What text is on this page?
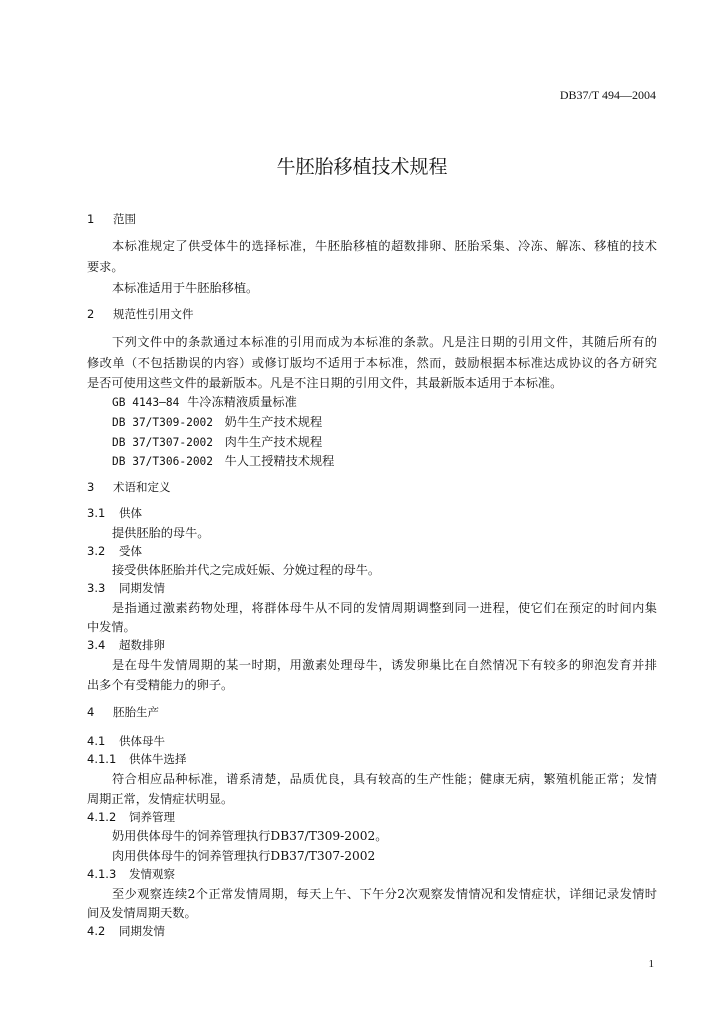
DB37/T 494—2004
牛胚胎移植技术规程
1 范围
本标准规定了供受体牛的选择标准，牛胚胎移植的超数排卵、胚胎采集、冷冻、解冻、移植的技术
要求。
本标准适用于牛胚胎移植。
2 规范性引用文件
下列文件中的条款通过本标准的引用而成为本标准的条款。凡是注日期的引用文件，其随后所有的
修改单（不包括勘误的内容）或修订版均不适用于本标准，然而，鼓励根据本标准达成协议的各方研究
是否可使用这些文件的最新版本。凡是不注日期的引用文件，其最新版本适用于本标准。
GB 4143—84 牛冷冻精液质量标准
DB 37/T309-2002 奶牛生产技术规程
DB 37/T307-2002 肉牛生产技术规程
DB 37/T306-2002 牛人工授精技术规程
3 术语和定义
3.1 供体
提供胚胎的母牛。
3.2 受体
接受供体胚胎并代之完成妊娠、分娩过程的母牛。
3.3 同期发情
是指通过激素药物处理，将群体母牛从不同的发情周期调整到同一进程，使它们在预定的时间内集
中发情。
3.4 超数排卵
是在母牛发情周期的某一时期，用激素处理母牛，诱发卵巢比在自然情况下有较多的卵泡发育并排
出多个有受精能力的卵子。
4 胚胎生产
4.1 供体母牛
4.1.1 供体牛选择
符合相应品种标准，谱系清楚，品质优良，具有较高的生产性能；健康无病，繁殖机能正常；发情
周期正常，发情症状明显。
4.1.2 饲养管理
奶用供体母牛的饲养管理执行DB37/T309-2002。
肉用供体母牛的饲养管理执行DB37/T307-2002
4.1.3 发情观察
至少观察连续2个正常发情周期，每天上午、下午分2次观察发情情况和发情症状，详细记录发情时
间及发情周期天数。
4.2 同期发情
1
